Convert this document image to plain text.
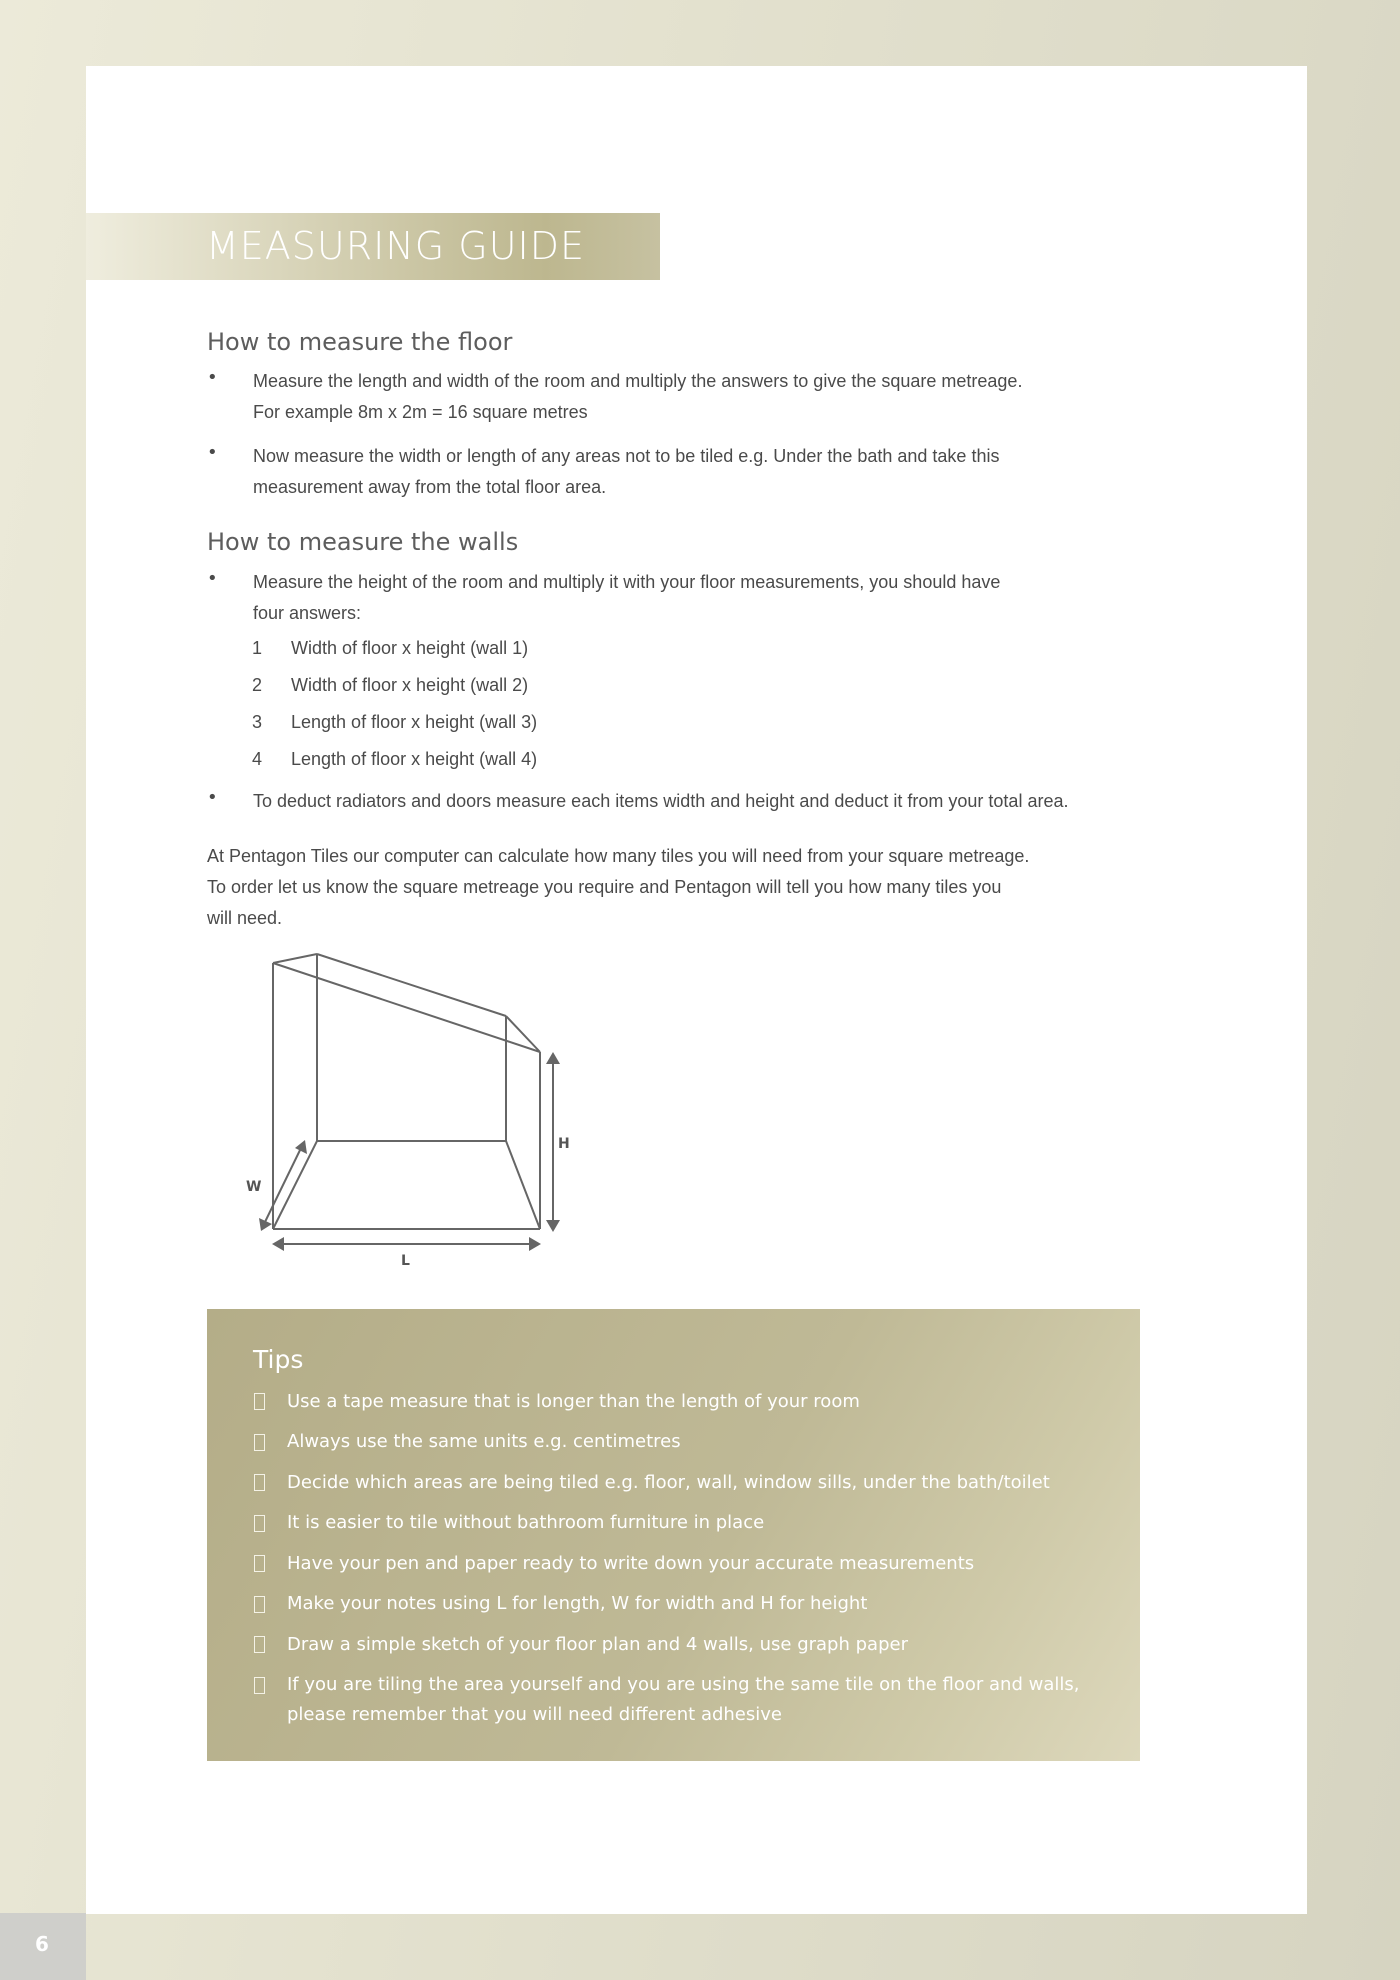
MEASURING GUIDE
How to measure the floor
• Measure the length and width of the room and multiply the answers to give the square metreage.
For example 8m x 2m = 16 square metres

• Now measure the width or length of any areas not to be tiled e.g. Under the bath and take this
measurement away from the total floor area.

How to measure the walls
• Measure the height of the room and multiply it with your floor measurements, you should have
four answers:

1 Width of floor x height (wall 1)
2 Width of floor x height (wall 2)
3 Length of floor x height (wall 3)
4 Length of floor x height (wall 4)
• To deduct radiators and doors measure each items width and height and deduct it from your total area.

At Pentagon Tiles our computer can calculate how many tiles you will need from your square metreage.
To order let us know the square metreage you require and Pentagon will tell you how many tiles you
will need.

H
W
L
Tips
Use a tape measure that is longer than the length of your room
Always use the same units e.g. centimetres
Decide which areas are being tiled e.g. floor, wall, window sills, under the bath/toilet
It is easier to tile without bathroom furniture in place
Have your pen and paper ready to write down your accurate measurements
Make your notes using L for length, W for width and H for height
Draw a simple sketch of your floor plan and 4 walls, use graph paper
If you are tiling the area yourself and you are using the same tile on the floor and walls,
please remember that you will need different adhesive
6
